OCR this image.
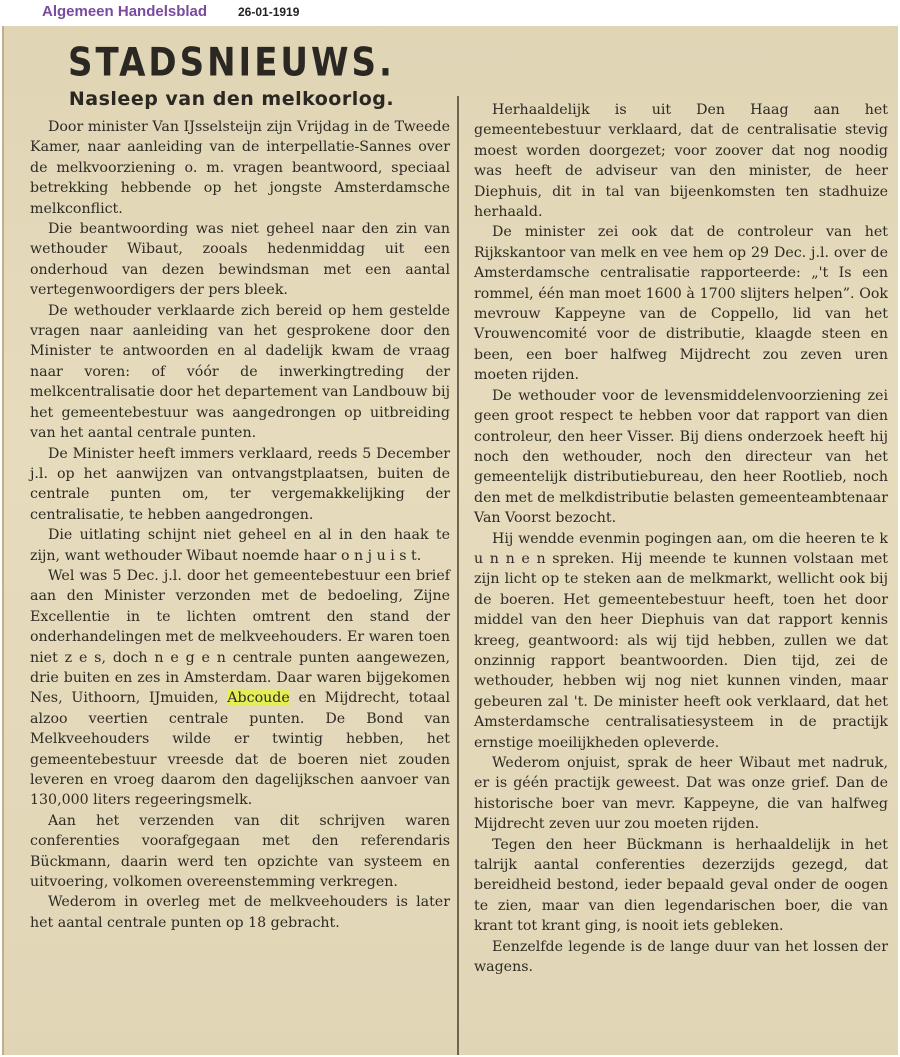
Algemeen Handelsblad	26-01-1919
STADSNIEUWS.
Nasleep van den melkoorlog.

Door minister Van IJsselsteijn zijn Vrijdag in de Tweede Kamer, naar aanleiding van de interpellatie-Sannes over de melkvoorziening o. m. vragen beantwoord, speciaal betrekking hebbende op het jongste Amsterdamsche melkconflict.

Die beantwoording was niet geheel naar den zin van wethouder Wibaut, zooals hedenmiddag uit een onderhoud van dezen bewindsman met een aantal vertegenwoordigers der pers bleek.

De wethouder verklaarde zich bereid op hem gestelde vragen naar aanleiding van het gesprokene door den Minister te antwoorden en al dadelijk kwam de vraag naar voren: of vóór de inwerkingtreding der melkcentralisatie door het departement van Landbouw bij het gemeentebestuur was aangedrongen op uitbreiding van het aantal centrale punten.

De Minister heeft immers verklaard, reeds 5 December j.l. op het aanwijzen van ontvangstplaatsen, buiten de centrale punten om, ter vergemakkelijking der centralisatie, te hebben aangedrongen.

Die uitlating schijnt niet geheel en al in den haak te zijn, want wethouder Wibaut noemde haar o n j u i s t.

Wel was 5 Dec. j.l. door het gemeentebestuur een brief aan den Minister verzonden met de bedoeling, Zijne Excellentie in te lichten omtrent den stand der onderhandelingen met de melkveehouders. Er waren toen niet z e s, doch n e g e n centrale punten aangewezen, drie buiten en zes in Amsterdam. Daar waren bijgekomen Nes, Uithoorn, IJmuiden, Abcoude en Mijdrecht, totaal alzoo veertien centrale punten. De Bond van Melkveehouders wilde er twintig hebben, het gemeentebestuur vreesde dat de boeren niet zouden leveren en vroeg daarom den dagelijkschen aanvoer van 130,000 liters regeeringsmelk.

Aan het verzenden van dit schrijven waren conferenties voorafgegaan met den referendaris Bückmann, daarin werd ten opzichte van systeem en uitvoering, volkomen overeenstemming verkregen.

Wederom in overleg met de melkveehouders is later het aantal centrale punten op 18 gebracht.

Herhaaldelijk is uit Den Haag aan het gemeentebestuur verklaard, dat de centralisatie stevig moest worden doorgezet; voor zoover dat nog noodig was heeft de adviseur van den minister, de heer Diephuis, dit in tal van bijeenkomsten ten stadhuize herhaald.

De minister zei ook dat de controleur van het Rijkskantoor van melk en vee hem op 29 Dec. j.l. over de Amsterdamsche centralisatie rapporteerde: „'t Is een rommel, één man moet 1600 à 1700 slijters helpen”. Ook mevrouw Kappeyne van de Coppello, lid van het Vrouwencomité voor de distributie, klaagde steen en been, een boer halfweg Mijdrecht zou zeven uren moeten rijden.

De wethouder voor de levensmiddelenvoorziening zei geen groot respect te hebben voor dat rapport van dien controleur, den heer Visser. Bij diens onderzoek heeft hij noch den wethouder, noch den directeur van het gemeentelijk distributiebureau, den heer Rootlieb, noch den met de melkdistributie belasten gemeenteambtenaar Van Voorst bezocht.

Hij wendde evenmin pogingen aan, om die heeren te k u n n e n spreken. Hij meende te kunnen volstaan met zijn licht op te steken aan de melkmarkt, wellicht ook bij de boeren. Het gemeentebestuur heeft, toen het door middel van den heer Diephuis van dat rapport kennis kreeg, geantwoord: als wij tijd hebben, zullen we dat onzinnig rapport beantwoorden. Dien tijd, zei de wethouder, hebben wij nog niet kunnen vinden, maar gebeuren zal 't. De minister heeft ook verklaard, dat het Amsterdamsche centralisatiesysteem in de practijk ernstige moeilijkheden opleverde.

Wederom onjuist, sprak de heer Wibaut met nadruk, er is géén practijk geweest. Dat was onze grief. Dan de historische boer van mevr. Kappeyne, die van halfweg Mijdrecht zeven uur zou moeten rijden.

Tegen den heer Bückmann is herhaaldelijk in het talrijk aantal conferenties dezerzijds gezegd, dat bereidheid bestond, ieder bepaald geval onder de oogen te zien, maar van dien legendarischen boer, die van krant tot krant ging, is nooit iets gebleken.

Eenzelfde legende is de lange duur van het lossen der wagens.
